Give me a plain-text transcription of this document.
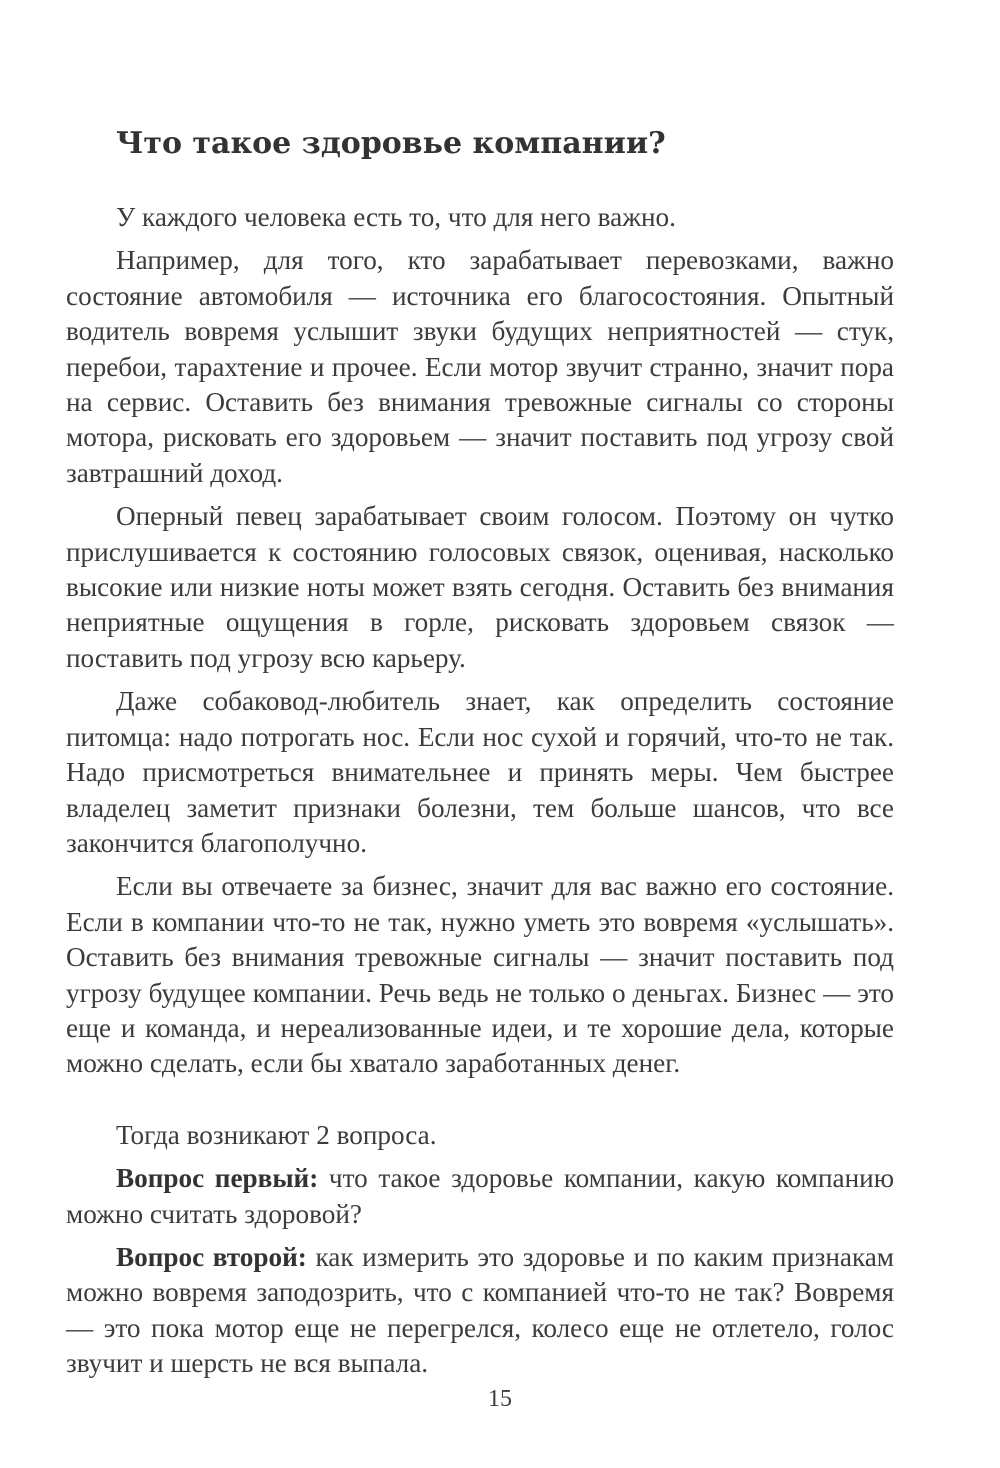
Что такое здоровье компании?

У каждого человека есть то, что для него важно.

Например, для того, кто зарабатывает перевозками, важно состояние автомобиля — источника его благосостояния. Опытный водитель вовремя услышит звуки будущих неприятностей — стук, перебои, тарахтение и прочее. Если мотор звучит странно, значит пора на сервис. Оставить без внимания тревожные сигналы со стороны мотора, рисковать его здоровьем — значит поставить под угрозу свой завтрашний доход.

Оперный певец зарабатывает своим голосом. Поэтому он чутко прислушивается к состоянию голосовых связок, оценивая, насколько высокие или низкие ноты может взять сегодня. Оставить без внимания неприятные ощущения в горле, рисковать здоровьем связок — поставить под угрозу всю карьеру.

Даже собаковод-любитель знает, как определить состояние питомца: надо потрогать нос. Если нос сухой и горячий, что-то не так. Надо присмотреться внимательнее и принять меры. Чем быстрее владелец заметит признаки болезни, тем больше шансов, что все закончится благополучно.

Если вы отвечаете за бизнес, значит для вас важно его состояние. Если в компании что-то не так, нужно уметь это вовремя «услышать». Оставить без внимания тревожные сигналы — значит поставить под угрозу будущее компании. Речь ведь не только о деньгах. Бизнес — это еще и команда, и нереализованные идеи, и те хорошие дела, которые можно сделать, если бы хватало заработанных денег.

Тогда возникают 2 вопроса.

Вопрос первый: что такое здоровье компании, какую компанию можно считать здоровой?

Вопрос второй: как измерить это здоровье и по каким признакам можно вовремя заподозрить, что с компанией что-то не так? Вовремя — это пока мотор еще не перегрелся, колесо еще не отлетело, голос звучит и шерсть не вся выпала.

15
